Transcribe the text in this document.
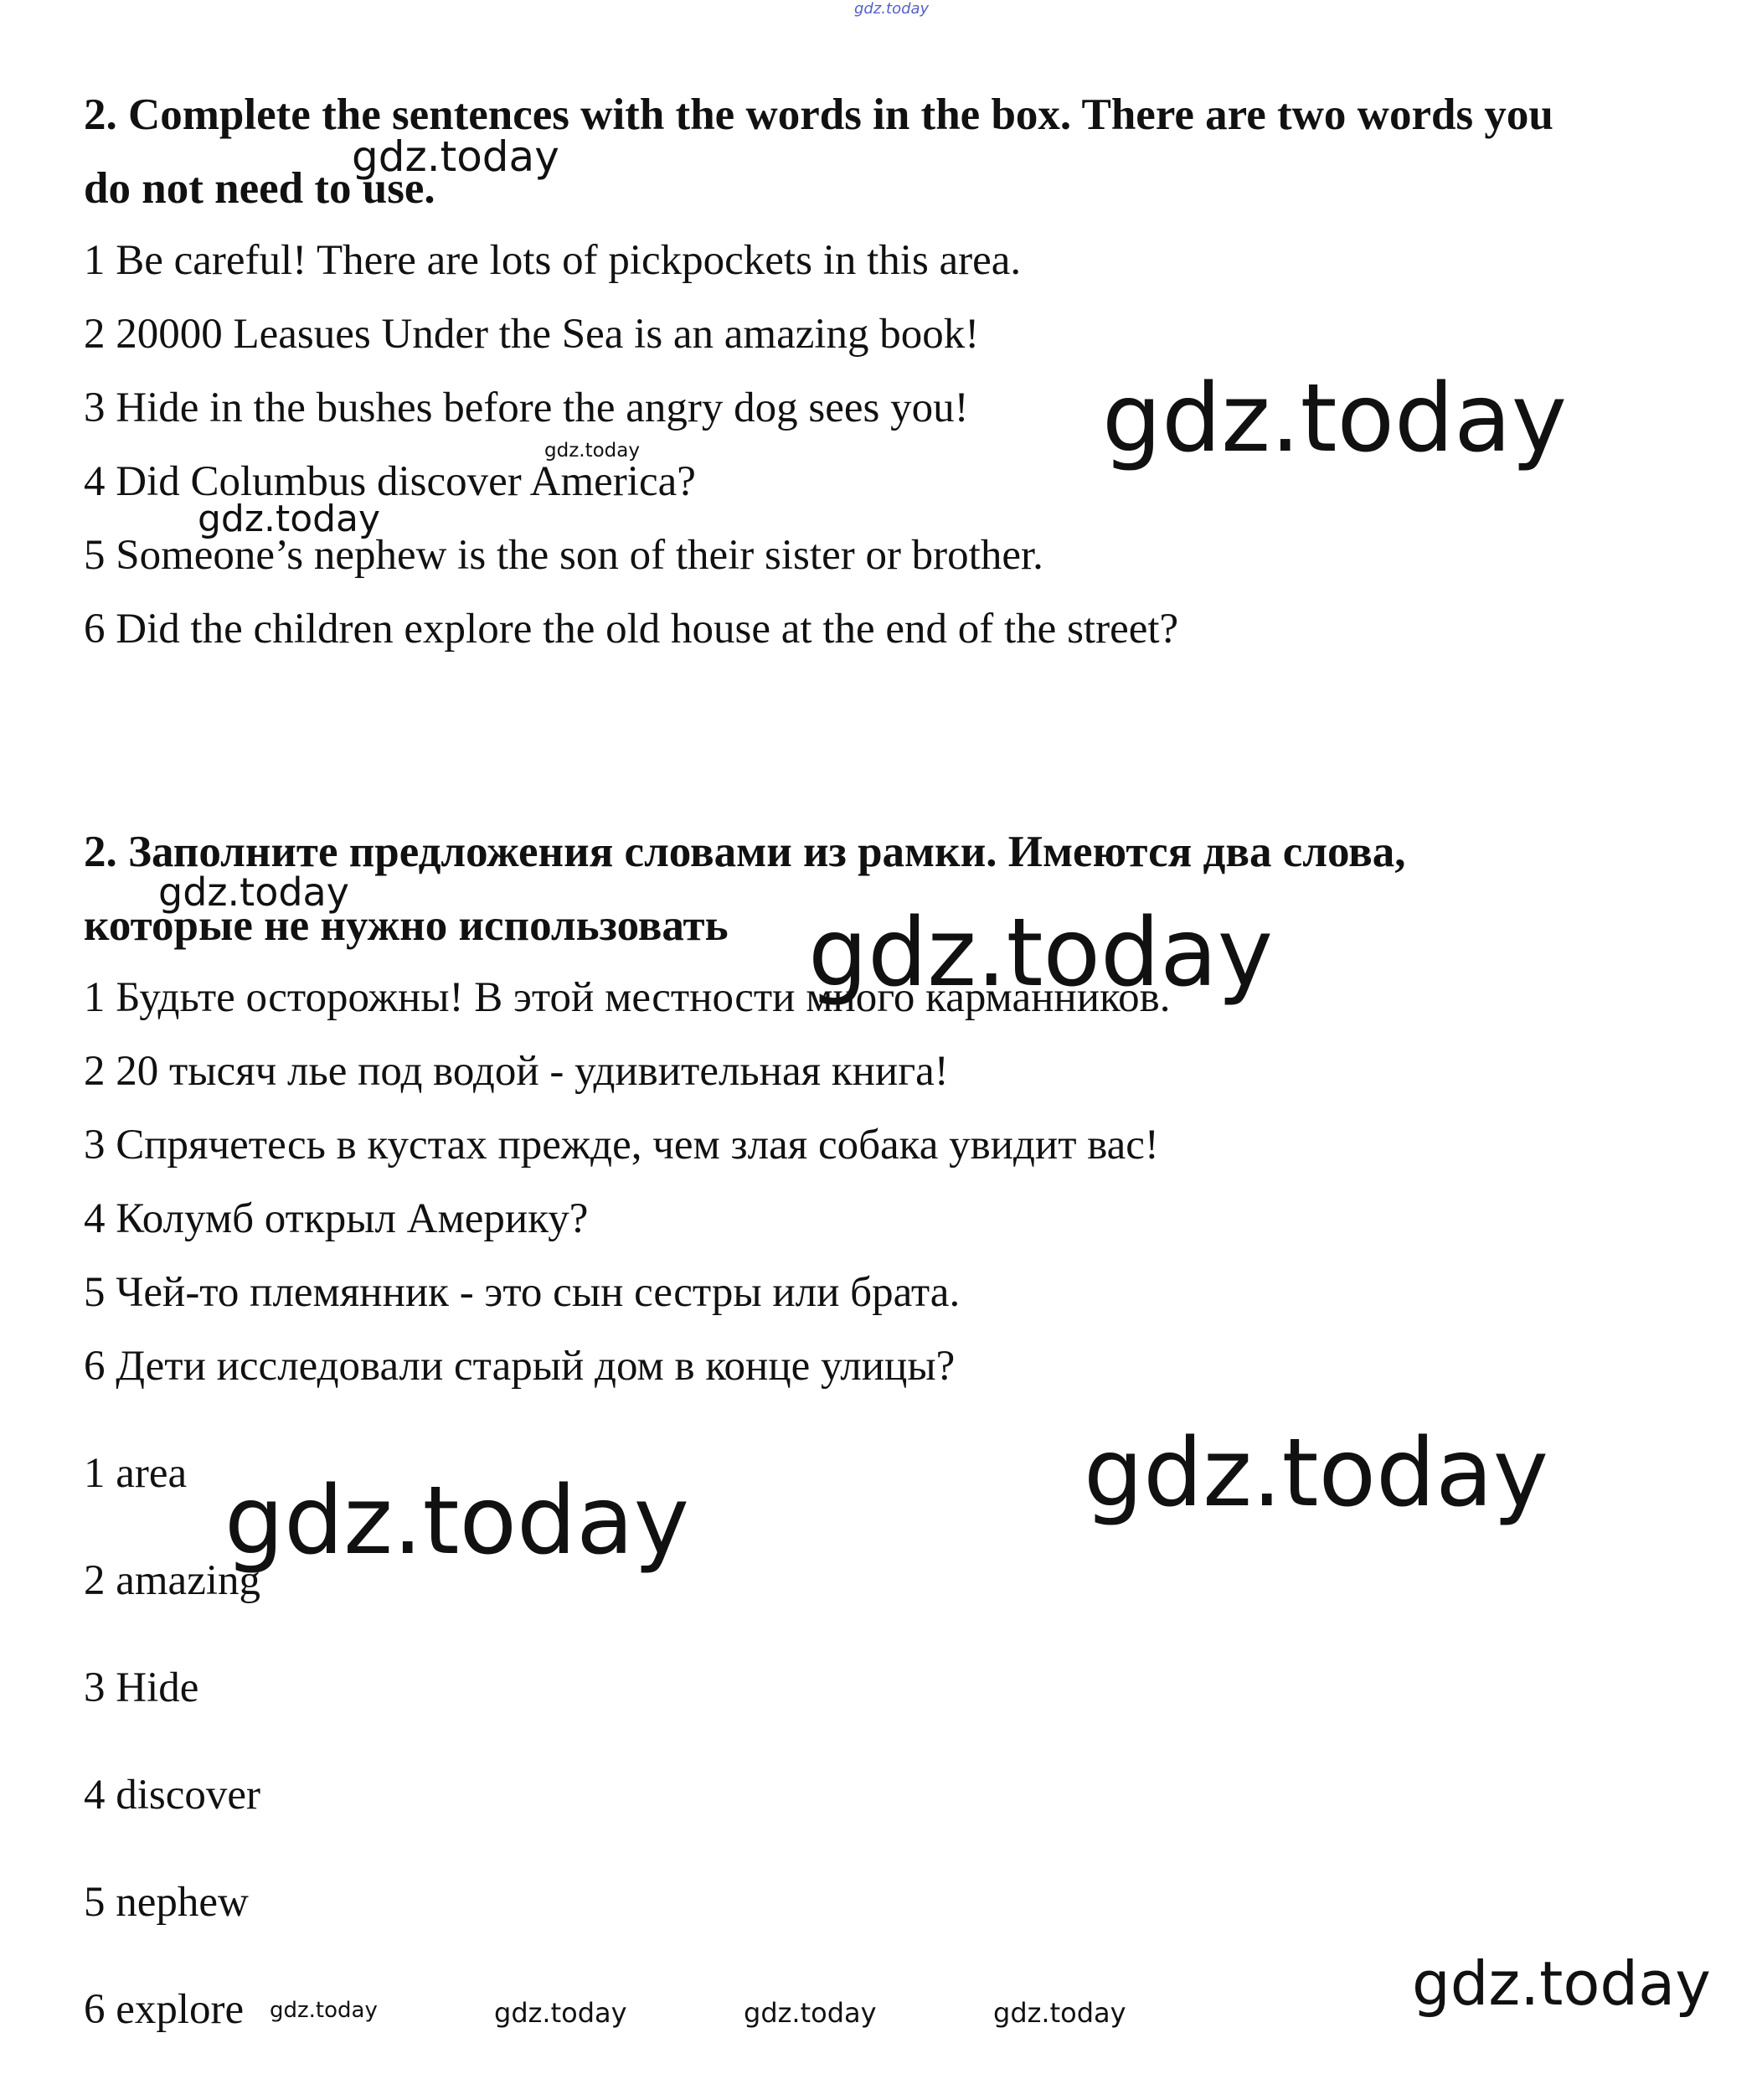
gdz.today
gdz.today
gdz.today
gdz.today
gdz.today
gdz.today
gdz.today
gdz.today
gdz.today
gdz.today
gdz.today	gdz.today	gdz.today	gdz.today

2. Complete the sentences with the words in the box. There are two words you

do not need to use.

1 Be careful! There are lots of pickpockets in this area.

2 20000 Leasues Under the Sea is an amazing book!

3 Hide in the bushes before the angry dog sees you!

4 Did Columbus discover America?

5 Someone’s nephew is the son of their sister or brother.

6 Did the children explore the old house at the end of the street?

2. Заполните предложения словами из рамки. Имеются два слова,

которые не нужно использовать

1 Будьте осторожны! В этой местности много карманников.

2 20 тысяч лье под водой - удивительная книга!

3 Спрячетесь в кустах прежде, чем злая собака увидит вас!

4 Колумб открыл Америку?

5 Чей-то племянник - это сын сестры или брата.

6 Дети исследовали старый дом в конце улицы?

1 area

2 amazing

3 Hide

4 discover

5 nephew

6 explore
